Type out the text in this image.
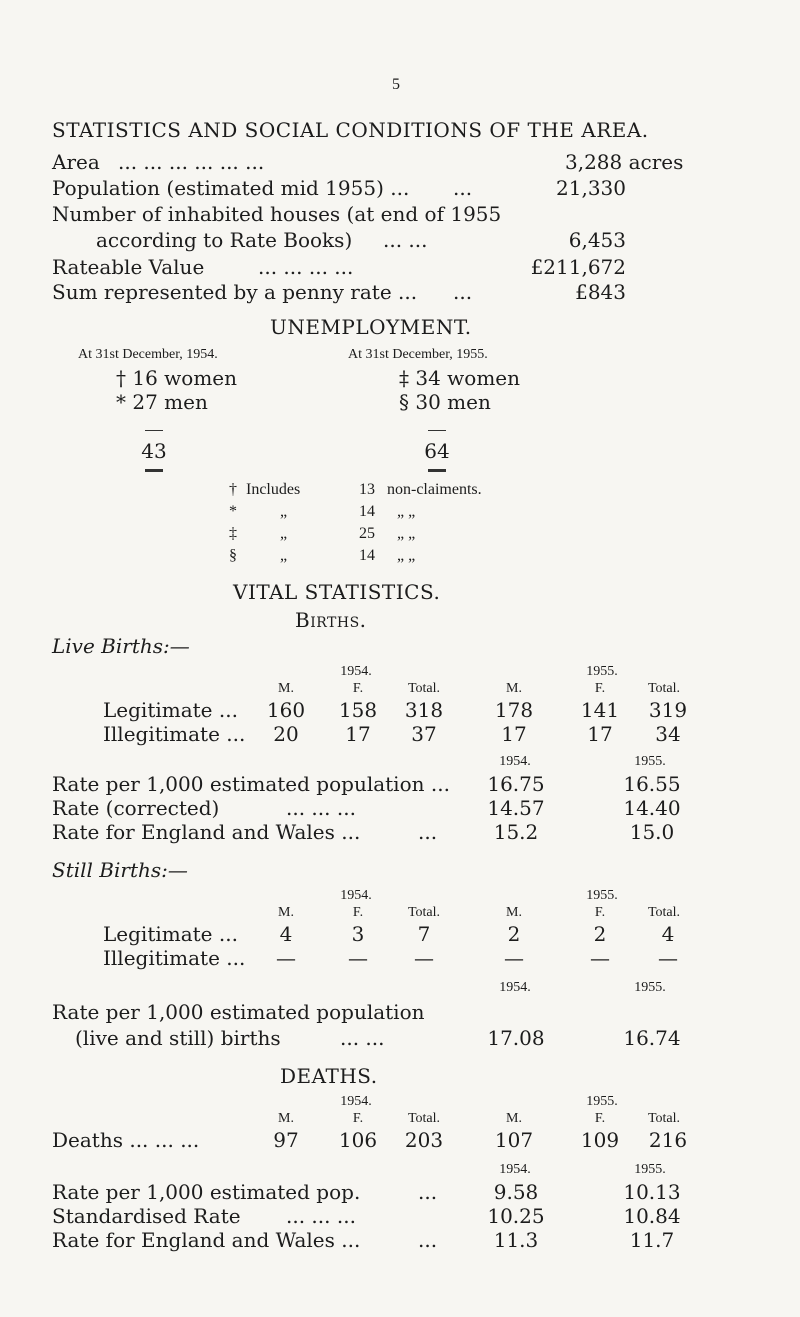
5
STATISTICS AND SOCIAL CONDITIONS OF THE AREA.
Area ... ... ... ... ... ...	3,288 acres
Population (estimated mid 1955) ... ...	21,330
Number of inhabited houses (at end of 1955
according to Rate Books) ... ...	6,453
Rateable Value	... ... ... ...	£211,672
Sum represented by a penny rate ... ...	£843
UNEMPLOYMENT.
At 31st December, 1954.	At 31st December, 1955.
† 16 women
* 27 men
‡ 34 women
§ 30 men
43	64
† Includes	13 non-claiments.
*	„	14	„ „
‡	„	25	„ „
§	„	14	„ „
VITAL STATISTICS.
Births.
Live Births:—
1954.	1955.
M.	F.	Total.	M.	F.	Total.
Legitimate ...	160	158	318	178	141	319
Illegitimate ...	20	17	37	17	17	34
1954.	1955.
Rate per 1,000 estimated population ...	16.75	16.55
Rate (corrected)	... ... ...	14.57	14.40
Rate for England and Wales ...	...	15.2	15.0
Still Births:—
1954.	1955.
M.	F.	Total.	M.	F.	Total.
Legitimate ...	4	3	7	2	2	4
Illegitimate ...	—	—	—	—	—	—
1954.	1955.
Rate per 1,000 estimated population
(live and still) births	... ...	17.08	16.74
DEATHS.
1954.	1955.
M.	F.	Total.	M.	F.	Total.
Deaths ... ... ...	97	106	203	107	109	216
1954.	1955.
Rate per 1,000 estimated pop.	...	9.58	10.13
Standardised Rate ... ... ...	10.25	10.84
Rate for England and Wales ...	...	11.3	11.7
